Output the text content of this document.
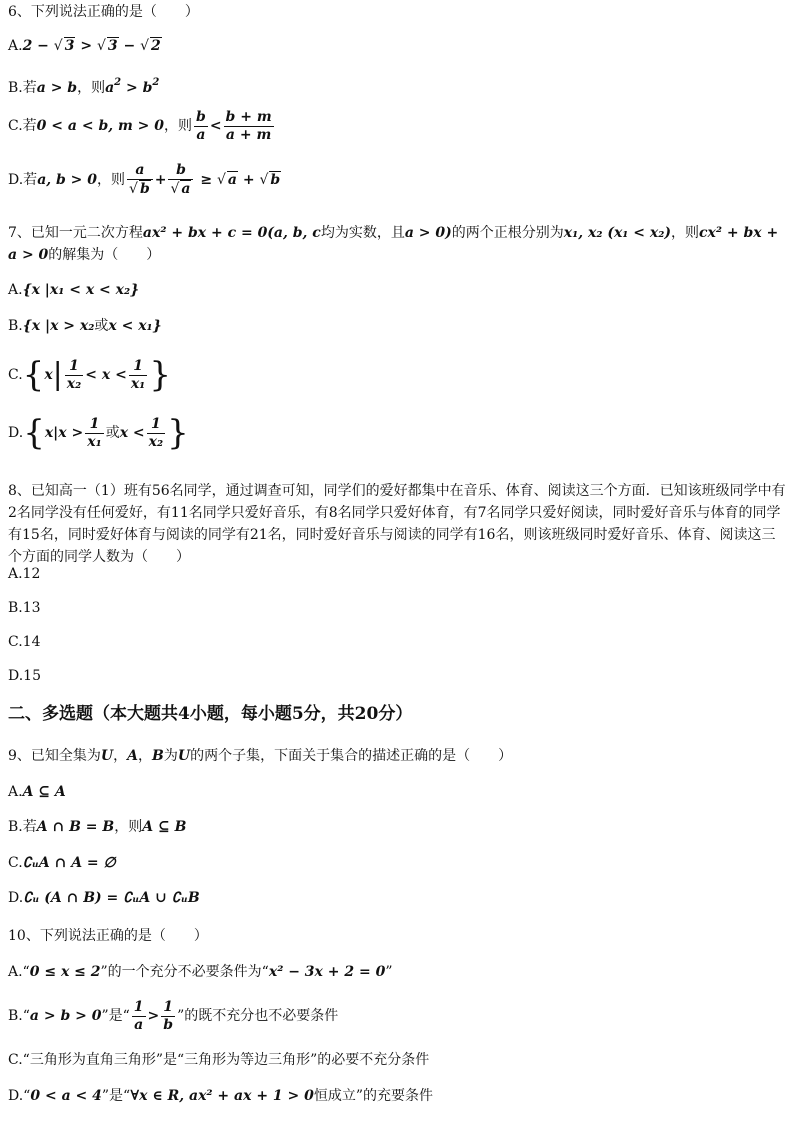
6、下列说法正确的是（　　）
A.2 − √ 3 > √ 3 − √ 2
B.若a > b，则$a^2 > b^2$
C.若0 < a < b, m > 0，则 $\frac{b}{a} < \frac{b + m}{a + m}$
D.若a, b > 0，则 $\frac{a}{√ b} + \frac{b}{√ a}$ ≥ √ a + √ b
7、已知一元二次方程ax² + bx + c = 0(a, b, c均为实数，且a > 0)的两个正根分别为x₁, x₂ (x₁ < x₂)，则cx² + bx + a > 0的解集为（　　）
A.{x |x₁ < x < x₂}
B.{x |x > x₂或x < x₁}
$C.\{x| \frac{1}{\text{x₂}} < x < \frac{1}{\text{x₁}}$ }
$D.\{x|x > \frac{1}{\text{x₁}}$ 或$x < \frac{1}{\text{x₂}}$ }
8、已知高一（1）班有56名同学，通过调查可知，同学们的爱好都集中在音乐、体育、阅读这三个方面．已知该班级同学中有2名同学没有任何爱好，有11名同学只爱好音乐，有8名同学只爱好体育，有7名同学只爱好阅读，同时爱好音乐与体育的同学有15名，同时爱好体育与阅读的同学有21名，同时爱好音乐与阅读的同学有16名，则该班级同时爱好音乐、体育、阅读这三个方面的同学人数为（　　）
A.12
B.13
C.14
D.15
二、多选题（本大题共4小题，每小题5分，共20分）
9、已知全集为U，A，B为U的两个子集，下面关于集合的描述正确的是（　　）
A.A ⊆ A
B.若A ∩ B = B，则A ⊆ B
C.∁ᵤA ∩ A = ∅
D.∁ᵤ (A ∩ B) = ∁ᵤA ∪ ∁ᵤB
10、下列说法正确的是（　　）
A.“0 ≤ x ≤ 2”的一个充分不必要条件为“x² − 3x + 2 = 0”
B.“a > b > 0”是“ $\frac{1}{a} > \frac{1}{b}$ ”的既不充分也不必要条件
C.“三角形为直角三角形”是“三角形为等边三角形”的必要不充分条件
D.“0 < a < 4”是“∀x ∈ R, ax² + ax + 1 > 0恒成立”的充要条件
